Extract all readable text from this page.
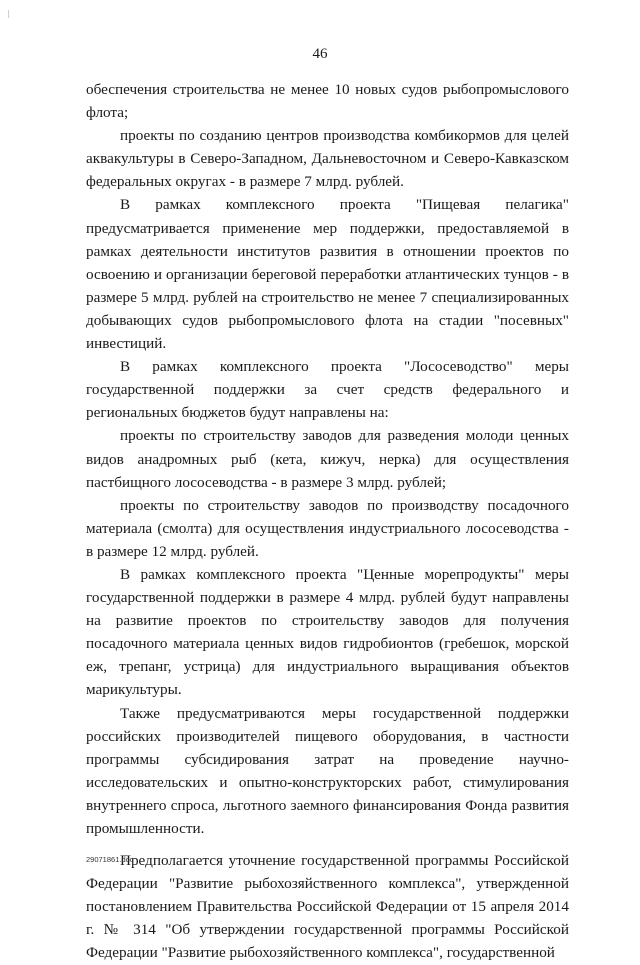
46

обеспечения строительства не менее 10 новых судов рыбопромыслового флота;

проекты по созданию центров производства комбикормов для целей аквакультуры в Северо-Западном, Дальневосточном и Северо-Кавказском федеральных округах - в размере 7 млрд. рублей.

В рамках комплексного проекта "Пищевая пелагика" предусматривается применение мер поддержки, предоставляемой в рамках деятельности институтов развития в отношении проектов по освоению и организации береговой переработки атлантических тунцов - в размере 5 млрд. рублей на строительство не менее 7 специализированных добывающих судов рыбопромыслового флота на стадии "посевных" инвестиций.

В рамках комплексного проекта "Лососеводство" меры государственной поддержки за счет средств федерального и региональных бюджетов будут направлены на:

проекты по строительству заводов для разведения молоди ценных видов анадромных рыб (кета, кижуч, нерка) для осуществления пастбищного лососеводства - в размере 3 млрд. рублей;

проекты по строительству заводов по производству посадочного материала (смолта) для осуществления индустриального лососеводства - в размере 12 млрд. рублей.

В рамках комплексного проекта "Ценные морепродукты" меры государственной поддержки в размере 4 млрд. рублей будут направлены на развитие проектов по строительству заводов для получения посадочного материала ценных видов гидробионтов (гребешок, морской еж, трепанг, устрица) для индустриального выращивания объектов марикультуры.

Также предусматриваются меры государственной поддержки российских производителей пищевого оборудования, в частности программы субсидирования затрат на проведение научно-исследовательских и опытно-конструкторских работ, стимулирования внутреннего спроса, льготного заемного финансирования Фонда развития промышленности.

Предполагается уточнение государственной программы Российской Федерации "Развитие рыбохозяйственного комплекса", утвержденной постановлением Правительства Российской Федерации от 15 апреля 2014 г. № 314 "Об утверждении государственной программы Российской Федерации "Развитие рыбохозяйственного комплекса", государственной

29071861.doc
